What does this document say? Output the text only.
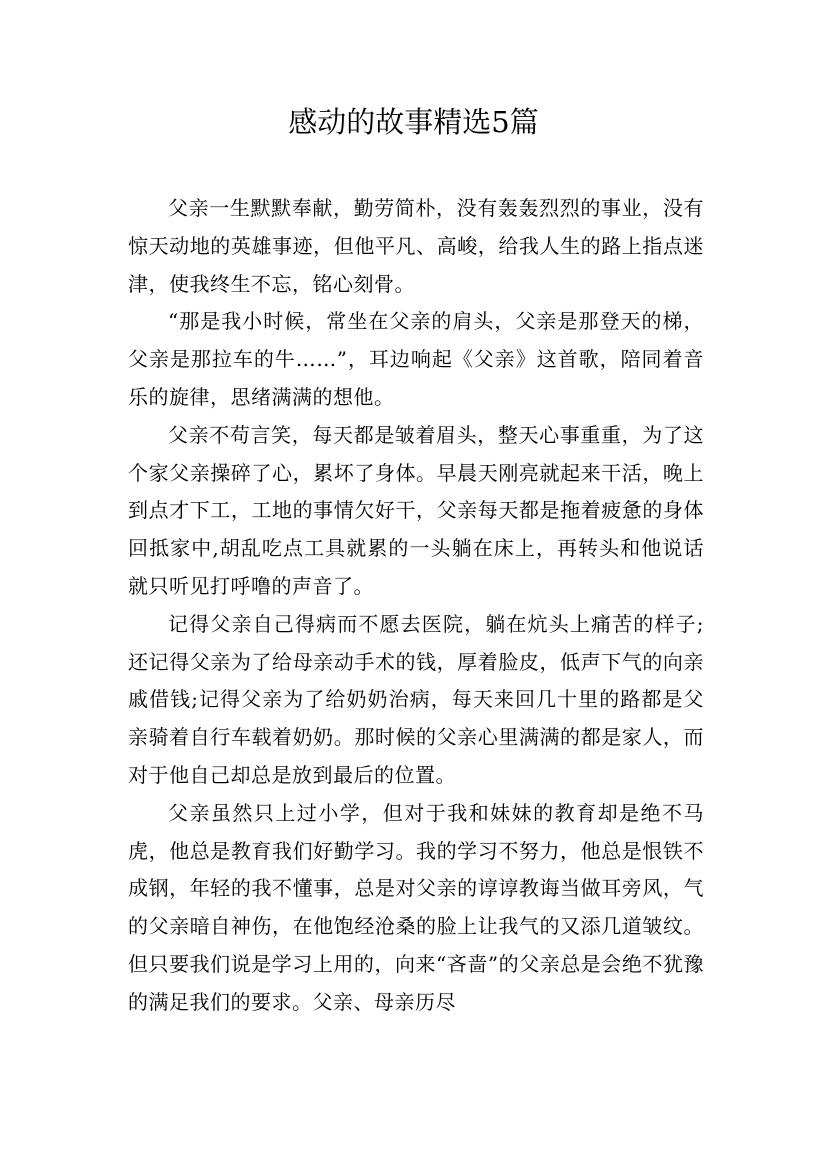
感动的故事精选5篇

父亲一生默默奉献，勤劳简朴，没有轰轰烈烈的事业，没有惊天动地的英雄事迹，但他平凡、高峻，给我人生的路上指点迷津，使我终生不忘，铭心刻骨。

“那是我小时候，常坐在父亲的肩头，父亲是那登天的梯，父亲是那拉车的牛……”，耳边响起《父亲》这首歌，陪同着音乐的旋律，思绪满满的想他。

父亲不苟言笑，每天都是皱着眉头，整天心事重重，为了这个家父亲操碎了心，累坏了身体。早晨天刚亮就起来干活，晚上到点才下工，工地的事情欠好干，父亲每天都是拖着疲惫的身体回抵家中,胡乱吃点工具就累的一头躺在床上，再转头和他说话就只听见打呼噜的声音了。

记得父亲自己得病而不愿去医院，躺在炕头上痛苦的样子;还记得父亲为了给母亲动手术的钱，厚着脸皮，低声下气的向亲戚借钱;记得父亲为了给奶奶治病，每天来回几十里的路都是父亲骑着自行车载着奶奶。那时候的父亲心里满满的都是家人，而对于他自己却总是放到最后的位置。

父亲虽然只上过小学，但对于我和妹妹的教育却是绝不马虎，他总是教育我们好勤学习。我的学习不努力，他总是恨铁不成钢，年轻的我不懂事，总是对父亲的谆谆教诲当做耳旁风，气的父亲暗自神伤，在他饱经沧桑的脸上让我气的又添几道皱纹。但只要我们说是学习上用的，向来“吝啬”的父亲总是会绝不犹豫的满足我们的要求。父亲、母亲历尽
